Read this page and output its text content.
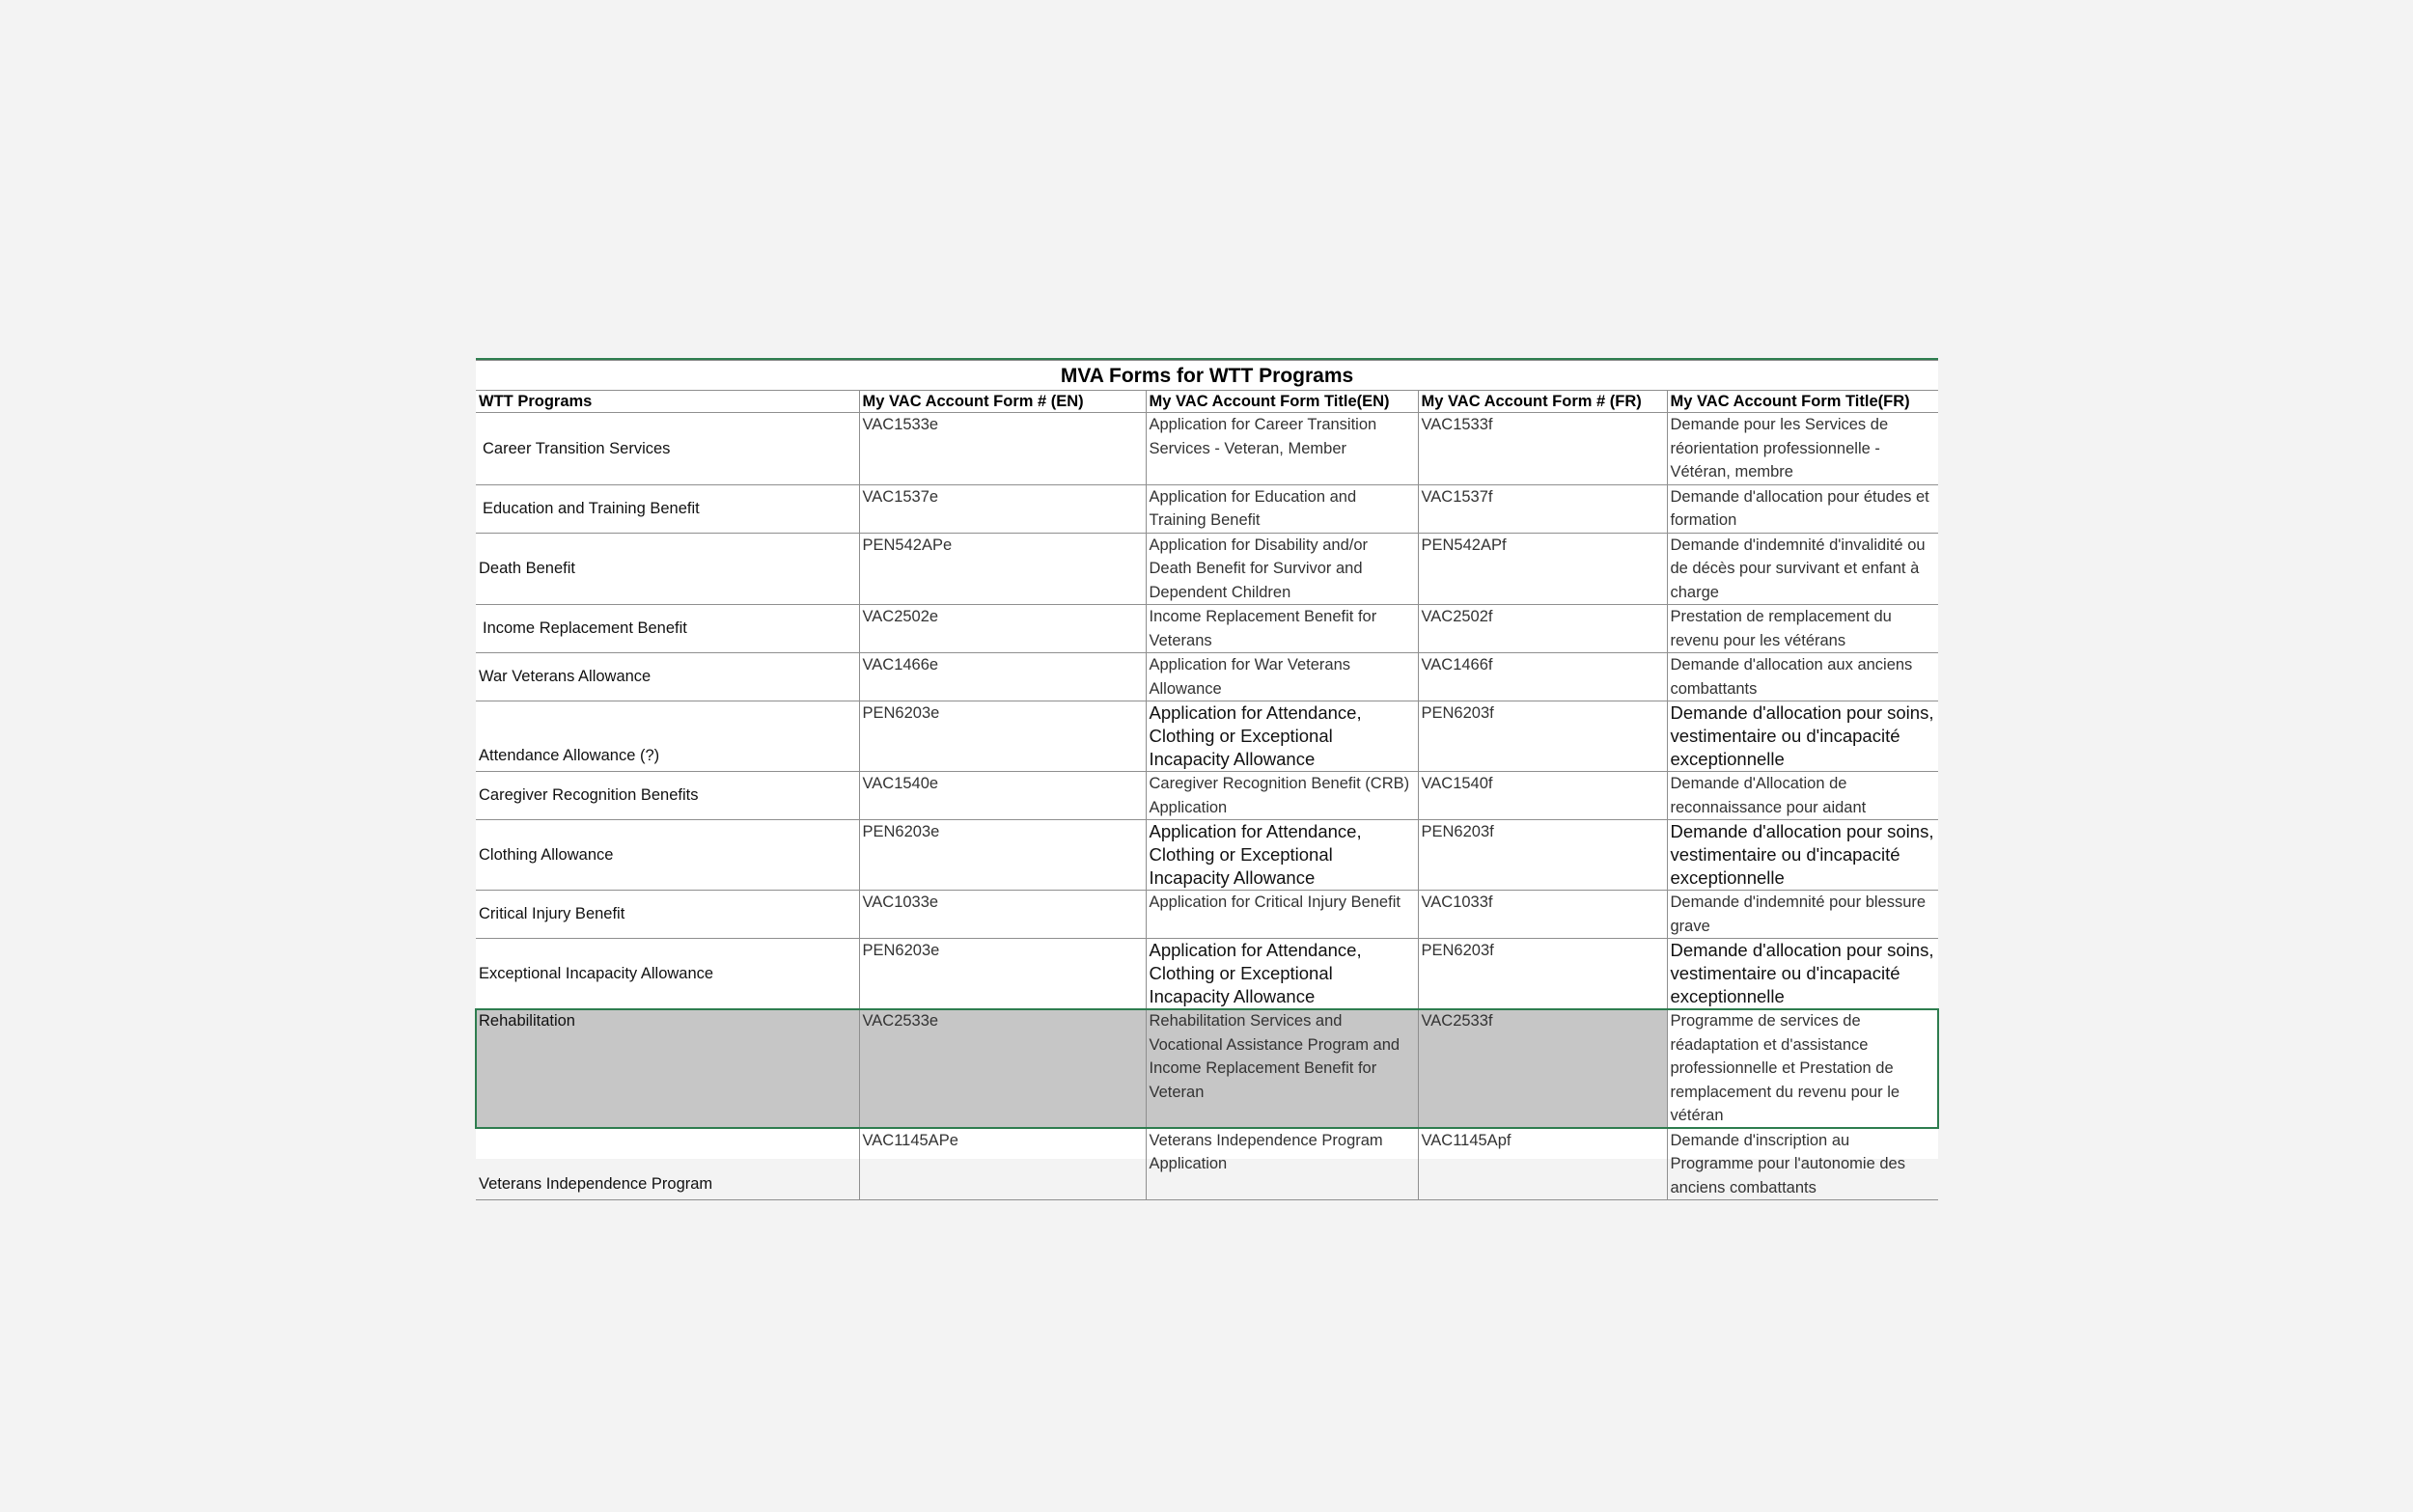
MVA Forms for WTT Programs				
WTT Programs	My VAC Account Form # (EN)	My VAC Account Form Title(EN)	My VAC Account Form # (FR)	My VAC Account Form Title(FR)
Career Transition Services	VAC1533e	Application for Career Transition Services - Veteran, Member	VAC1533f	Demande pour les Services de réorientation professionnelle - Vétéran, membre
Education and Training Benefit	VAC1537e	Application for Education and Training Benefit	VAC1537f	Demande d'allocation pour études et formation
Death Benefit	PEN542APe	Application for Disability and/or Death Benefit for Survivor and Dependent Children	PEN542APf	Demande d'indemnité d'invalidité ou de décès pour survivant et enfant à charge
Income Replacement Benefit	VAC2502e	Income Replacement Benefit for Veterans	VAC2502f	Prestation de remplacement du revenu pour les vétérans
War Veterans Allowance	VAC1466e	Application for War Veterans Allowance	VAC1466f	Demande d'allocation aux anciens combattants
Attendance Allowance (?)	PEN6203e	Application for Attendance, Clothing or Exceptional Incapacity Allowance	PEN6203f	Demande d'allocation pour soins, vestimentaire ou d'incapacité exceptionnelle
Caregiver Recognition Benefits	VAC1540e	Caregiver Recognition Benefit (CRB) Application	VAC1540f	Demande d'Allocation de reconnaissance pour aidant
Clothing Allowance	PEN6203e	Application for Attendance, Clothing or Exceptional Incapacity Allowance	PEN6203f	Demande d'allocation pour soins, vestimentaire ou d'incapacité exceptionnelle
Critical Injury Benefit	VAC1033e	Application for Critical Injury Benefit	VAC1033f	Demande d'indemnité pour blessure grave
Exceptional Incapacity Allowance	PEN6203e	Application for Attendance, Clothing or Exceptional Incapacity Allowance	PEN6203f	Demande d'allocation pour soins, vestimentaire ou d'incapacité exceptionnelle
Rehabilitation	VAC2533e	Rehabilitation Services and Vocational Assistance Program and Income Replacement Benefit for Veteran	VAC2533f	Programme de services de réadaptation et d'assistance professionnelle et Prestation de remplacement du revenu pour le vétéran
Veterans Independence Program	VAC1145APe	Veterans Independence Program Application	VAC1145Apf	Demande d'inscription au Programme pour l'autonomie des anciens combattants
